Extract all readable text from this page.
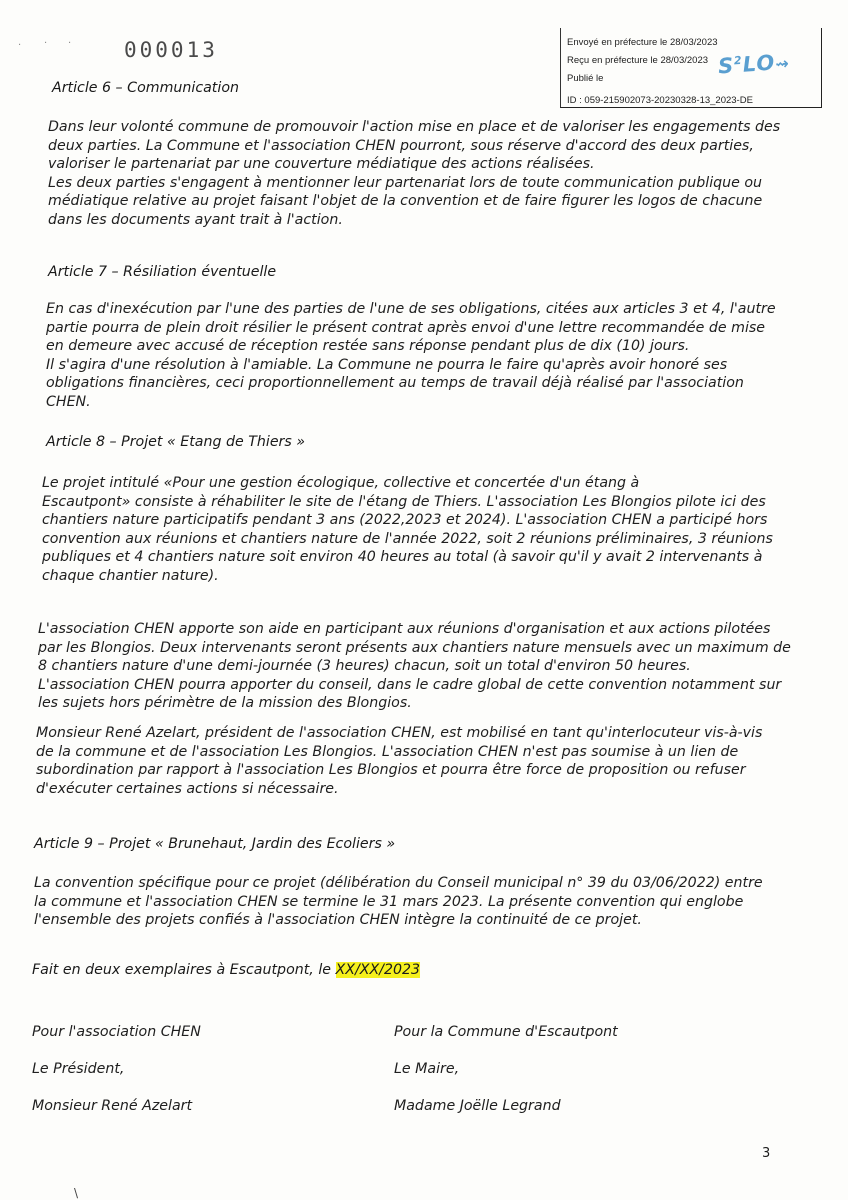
· · ·
\
000013	Envoyé en préfecture le 28/03/2023
Reçu en préfecture le 28/03/2023
Publié le
ID : 059-215902073-20230328-13_2023-DE
$S^2LO⇝$
Article 6 – Communication
Dans leur volonté commune de promouvoir l'action mise en place et de valoriser les engagements des
deux parties. La Commune et l'association CHEN pourront, sous réserve d'accord des deux parties,
valoriser le partenariat par une couverture médiatique des actions réalisées.
Les deux parties s'engagent à mentionner leur partenariat lors de toute communication publique ou
médiatique relative au projet faisant l'objet de la convention et de faire figurer les logos de chacune
dans les documents ayant trait à l'action.
Article 7 – Résiliation éventuelle
En cas d'inexécution par l'une des parties de l'une de ses obligations, citées aux articles 3 et 4, l'autre
partie pourra de plein droit résilier le présent contrat après envoi d'une lettre recommandée de mise
en demeure avec accusé de réception restée sans réponse pendant plus de dix (10) jours.
Il s'agira d'une résolution à l'amiable. La Commune ne pourra le faire qu'après avoir honoré ses
obligations financières, ceci proportionnellement au temps de travail déjà réalisé par l'association
CHEN.
Article 8 – Projet « Etang de Thiers »
Le projet intitulé «Pour une gestion écologique, collective et concertée d'un étang à
Escautpont» consiste à réhabiliter le site de l'étang de Thiers. L'association Les Blongios pilote ici des
chantiers nature participatifs pendant 3 ans (2022,2023 et 2024). L'association CHEN a participé hors
convention aux réunions et chantiers nature de l'année 2022, soit 2 réunions préliminaires, 3 réunions
publiques et 4 chantiers nature soit environ 40 heures au total (à savoir qu'il y avait 2 intervenants à
chaque chantier nature).
L'association CHEN apporte son aide en participant aux réunions d'organisation et aux actions pilotées
par les Blongios. Deux intervenants seront présents aux chantiers nature mensuels avec un maximum de
8 chantiers nature d'une demi-journée (3 heures) chacun, soit un total d'environ 50 heures.
L'association CHEN pourra apporter du conseil, dans le cadre global de cette convention notamment sur
les sujets hors périmètre de la mission des Blongios.
Monsieur René Azelart, président de l'association CHEN, est mobilisé en tant qu'interlocuteur vis-à-vis
de la commune et de l'association Les Blongios. L'association CHEN n'est pas soumise à un lien de
subordination par rapport à l'association Les Blongios et pourra être force de proposition ou refuser
d'exécuter certaines actions si nécessaire.
Article 9 – Projet « Brunehaut, Jardin des Ecoliers »
La convention spécifique pour ce projet (délibération du Conseil municipal n° 39 du 03/06/2022) entre
la commune et l'association CHEN se termine le 31 mars 2023. La présente convention qui englobe
l'ensemble des projets confiés à l'association CHEN intègre la continuité de ce projet.
Fait en deux exemplaires à Escautpont, le XX/XX/2023

Pour l'association CHEN

Le Président,

Monsieur René Azelart

Pour la Commune d'Escautpont

Le Maire,

Madame Joëlle Legrand

3
